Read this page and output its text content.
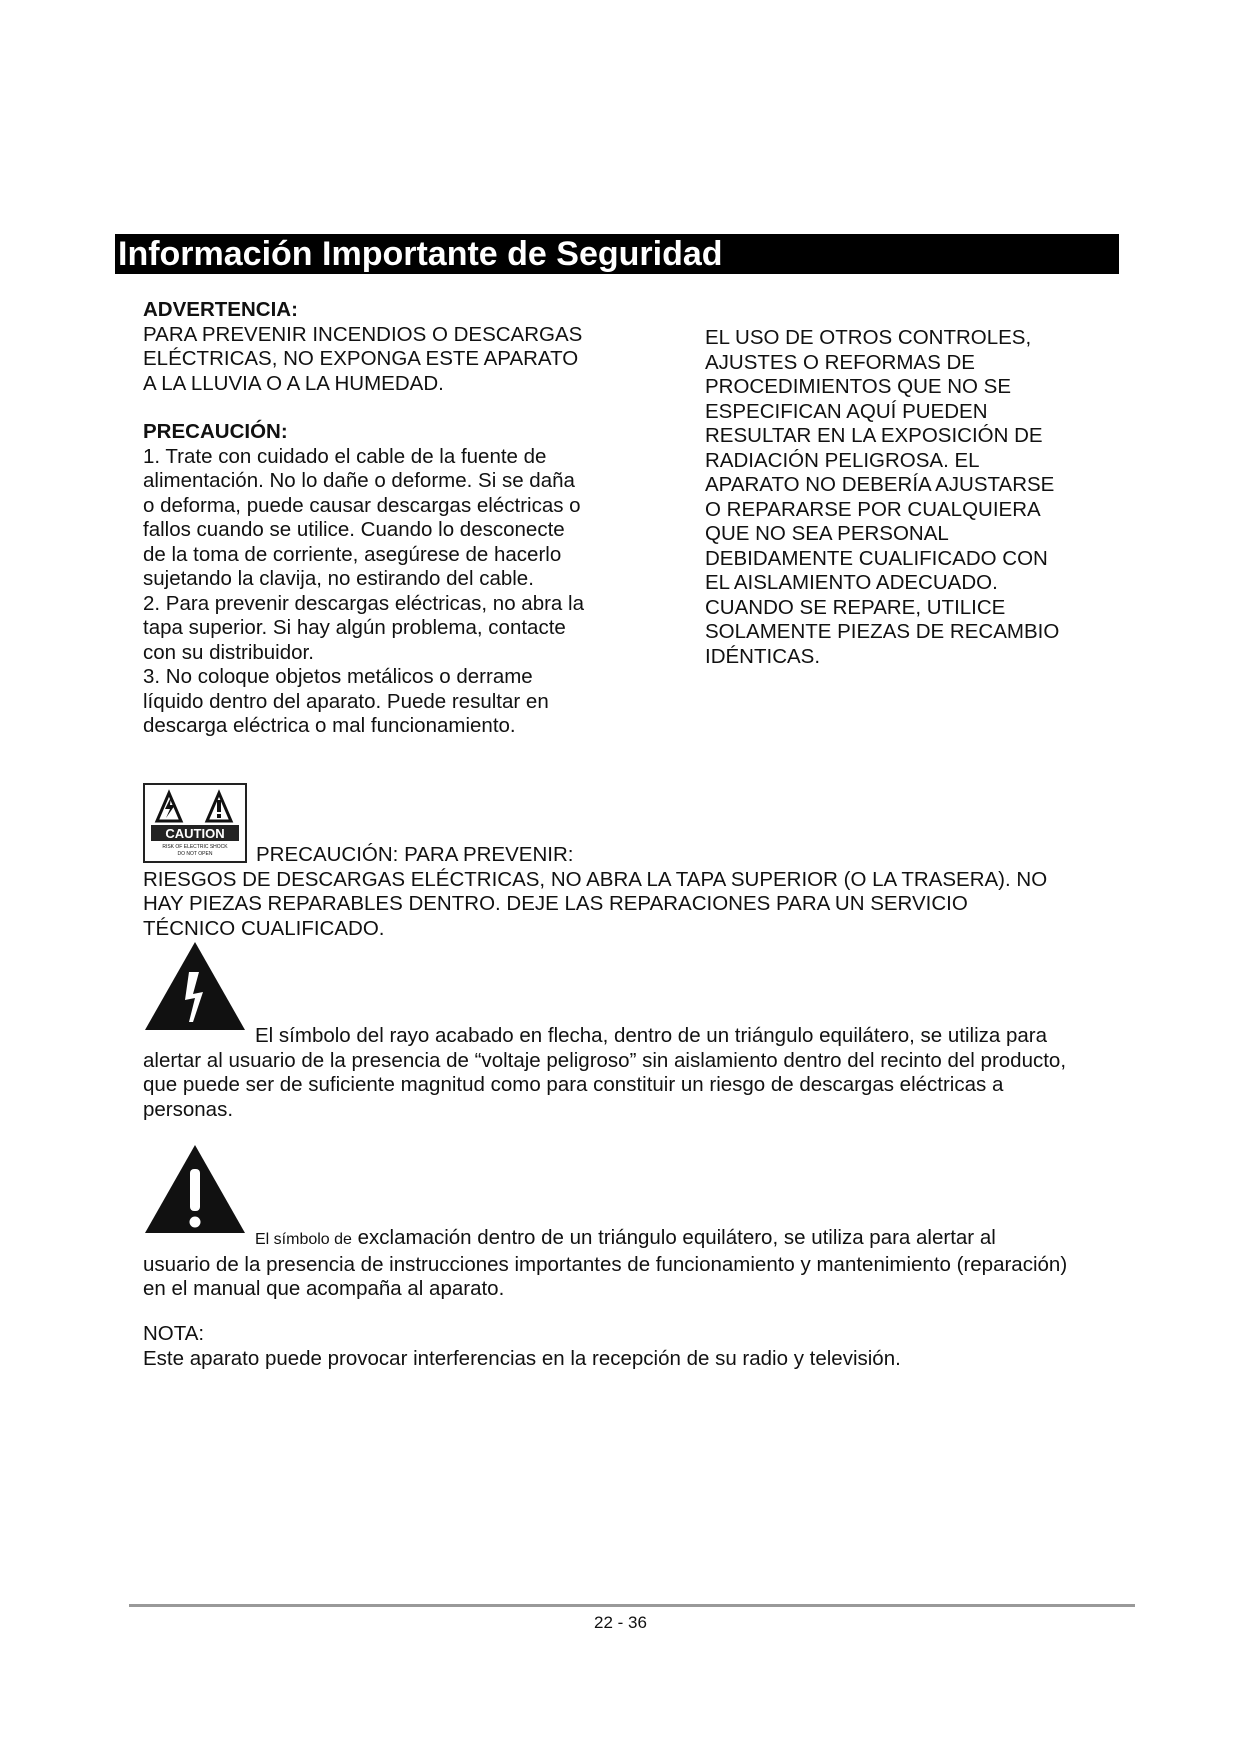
Información Importante de Seguridad

ADVERTENCIA:

PARA PREVENIR INCENDIOS O DESCARGAS

ELÉCTRICAS, NO EXPONGA ESTE APARATO

A LA LLUVIA O A LA HUMEDAD.

PRECAUCIÓN:

1. Trate con cuidado el cable de la fuente de

alimentación. No lo dañe o deforme. Si se daña

o deforma, puede causar descargas eléctricas o

fallos cuando se utilice. Cuando lo desconecte

de la toma de corriente, asegúrese de hacerlo

sujetando la clavija, no estirando del cable.

2. Para prevenir descargas eléctricas, no abra la

tapa superior. Si hay algún problema, contacte

con su distribuidor.

3. No coloque objetos metálicos o derrame

líquido dentro del aparato. Puede resultar en

descarga eléctrica o mal funcionamiento.

EL USO DE OTROS CONTROLES,

AJUSTES O REFORMAS DE

PROCEDIMIENTOS QUE NO SE

ESPECIFICAN AQUÍ PUEDEN

RESULTAR EN LA EXPOSICIÓN DE

RADIACIÓN PELIGROSA. EL

APARATO NO DEBERÍA AJUSTARSE

O REPARARSE POR CUALQUIERA

QUE NO SEA PERSONAL

DEBIDAMENTE CUALIFICADO CON

EL AISLAMIENTO ADECUADO.

CUANDO SE REPARE, UTILICE

SOLAMENTE PIEZAS DE RECAMBIO

IDÉNTICAS.

CAUTION
RISK OF ELECTRIC SHOCK
DO NOT OPEN	PRECAUCIÓN: PARA PREVENIR:
RIESGOS DE DESCARGAS ELÉCTRICAS, NO ABRA LA TAPA SUPERIOR (O LA TRASERA). NO
HAY PIEZAS REPARABLES DENTRO. DEJE LAS REPARACIONES PARA UN SERVICIO
TÉCNICO CUALIFICADO.
El símbolo del rayo acabado en flecha, dentro de un triángulo equilátero, se utiliza para
alertar al usuario de la presencia de “voltaje peligroso” sin aislamiento dentro del recinto del producto,
que puede ser de suficiente magnitud como para constituir un riesgo de descargas eléctricas a
personas.
El símbolo de exclamación dentro de un triángulo equilátero, se utiliza para alertar al
usuario de la presencia de instrucciones importantes de funcionamiento y mantenimiento (reparación)
en el manual que acompaña al aparato.
NOTA:
Este aparato puede provocar interferencias en la recepción de su radio y televisión.
22 - 36
